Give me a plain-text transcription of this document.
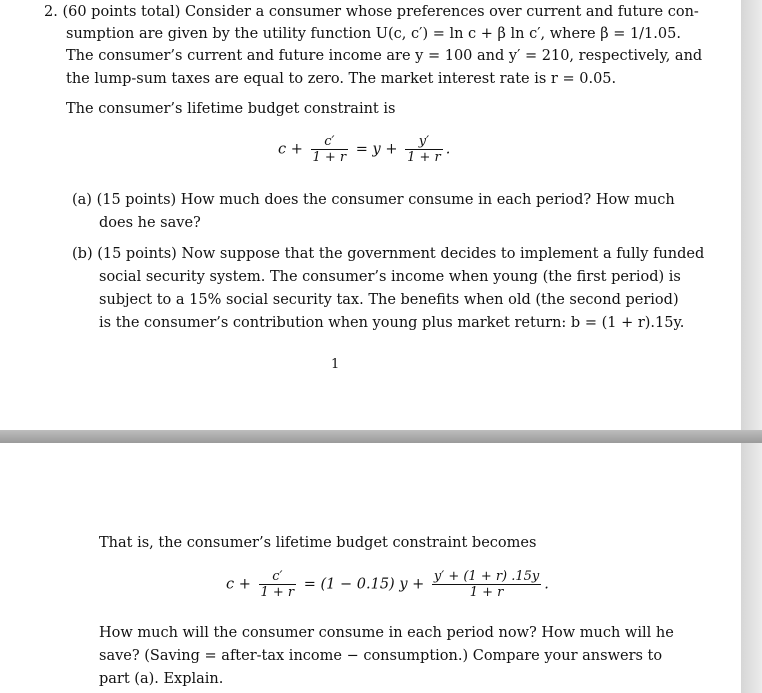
2. (60 points total) Consider a consumer whose preferences over current and future con-
sumption are given by the utility function U(c, c′) = ln c + β ln c′, where β = 1/1.05.
The consumer’s current and future income are y = 100 and y′ = 210, respectively, and
the lump-sum taxes are equal to zero. The market interest rate is r = 0.05.
The consumer’s lifetime budget constraint is
$c + \frac{c'}{1 + r} = y + \frac{y'}{1 + r}$ .
(a) (15 points) How much does the consumer consume in each period? How much
does he save?
(b) (15 points) Now suppose that the government decides to implement a fully funded
social security system. The consumer’s income when young (the first period) is
subject to a 15% social security tax. The benefits when old (the second period)
is the consumer’s contribution when young plus market return: b = (1 + r).15y.
1
That is, the consumer’s lifetime budget constraint becomes
$c + \frac{c'}{1 + r} = (1 - 0.15) y + \frac{y' + (1 + r) .15y}{1 + r}$ .
How much will the consumer consume in each period now? How much will he
save? (Saving = after-tax income − consumption.) Compare your answers to
part (a). Explain.
